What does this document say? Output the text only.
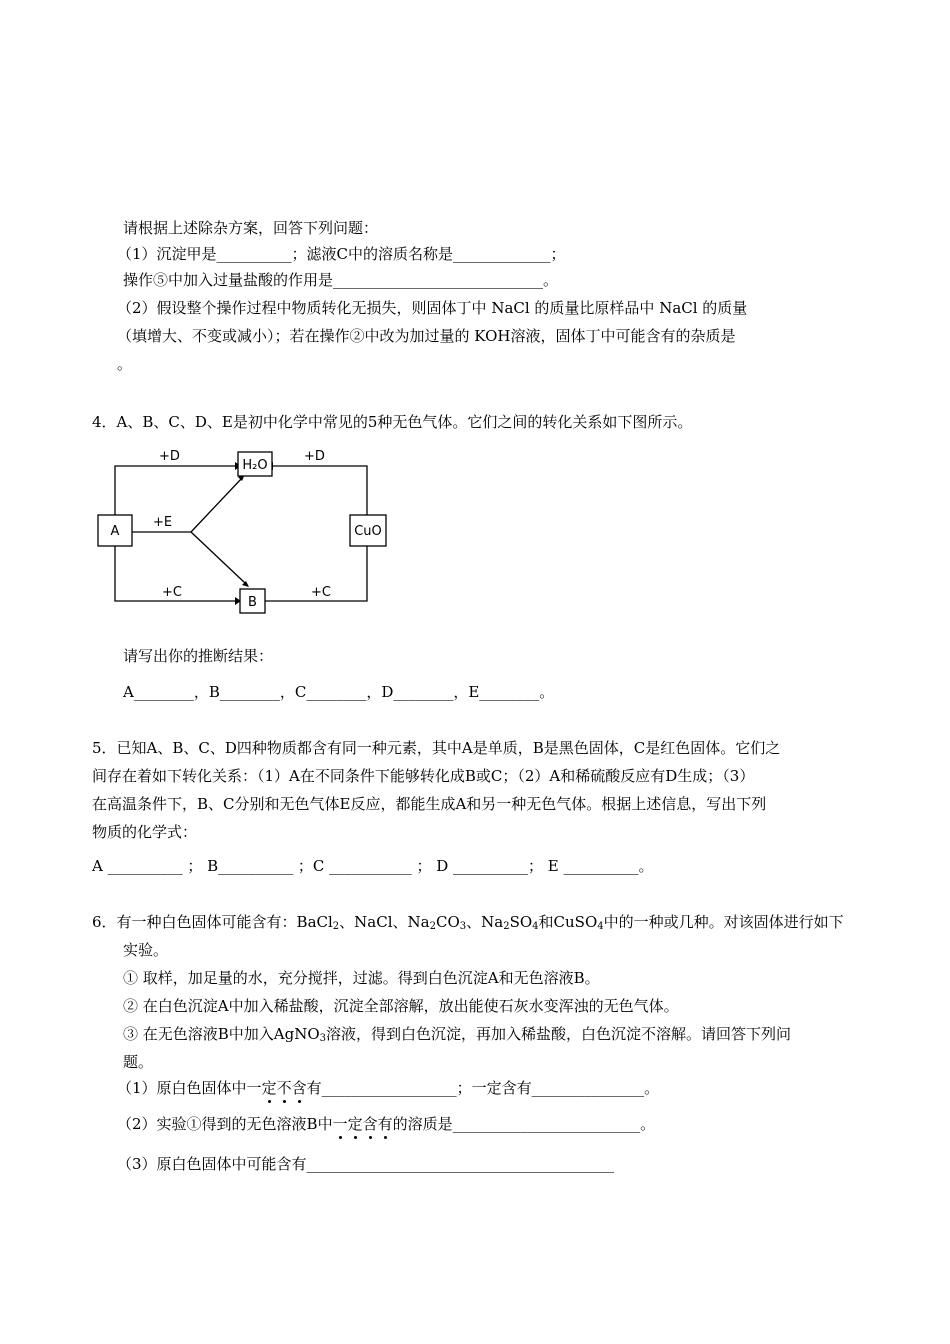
请根据上述除杂方案，回答下列问题：
（1）沉淀甲是__________；滤液C中的溶质名称是_____________；
操作⑤中加入过量盐酸的作用是____________________________。
（2）假设整个操作过程中物质转化无损失，则固体丁中 NaCl 的质量比原样品中 NaCl 的质量
（填增大、不变或减小）；若在操作②中改为加过量的 KOH溶液，固体丁中可能含有的杂质是
。
4．A、B、C、D、E是初中化学中常见的5种无色气体。它们之间的转化关系如下图所示。
A
H₂O
B
CuO
+D	+D
+E
+C	+C
请写出你的推断结果：
A________，B________，C________，D________，E________。
5．已知A、B、C、D四种物质都含有同一种元素，其中A是单质，B是黑色固体，C是红色固体。它们之
间存在着如下转化关系：（1）A在不同条件下能够转化成B或C；（2）A和稀硫酸反应有D生成；（3）
在高温条件下，B、C分别和无色气体E反应，都能生成A和另一种无色气体。根据上述信息，写出下列
物质的化学式：
A __________ ； B__________ ；C ___________ ； D __________； E __________。
6．有一种白色固体可能含有：BaCl$_2$、NaCl、$Na_2CO_3$、$Na_2SO_4$和CuSO$_4$中的一种或几种。对该固体进行如下
实验。
① 取样，加足量的水，充分搅拌，过滤。得到白色沉淀A和无色溶液B。
② 在白色沉淀A中加入稀盐酸，沉淀全部溶解，放出能使石灰水变浑浊的无色气体。
③ 在无色溶液B中加入AgNO$_3$溶液，得到白色沉淀，再加入稀盐酸，白色沉淀不溶解。请回答下列问
题。
（1）原白色固体中一定不含有__________________；一定含有_______________。
（2）实验①得到的无色溶液B中一定含有的溶质是_________________________。
（3）原白色固体中可能含有_________________________________________
